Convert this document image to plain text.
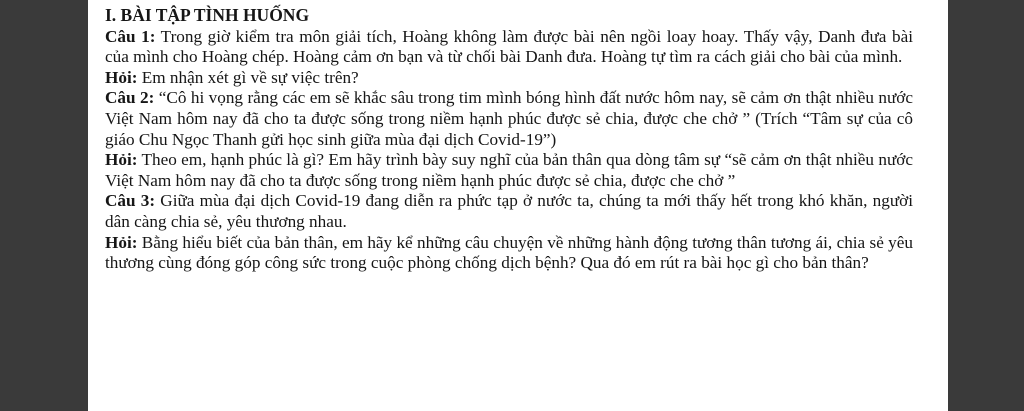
I. BÀI TẬP TÌNH HUỐNG

Câu 1: Trong giờ kiểm tra môn giải tích, Hoàng không làm được bài nên ngồi loay hoay. Thấy vậy, Danh đưa bài của mình cho Hoàng chép. Hoàng cảm ơn bạn và từ chối bài Danh đưa. Hoàng tự tìm ra cách giải cho bài của mình.

Hỏi: Em nhận xét gì về sự việc trên?

Câu 2: “Cô hi vọng rằng các em sẽ khắc sâu trong tim mình bóng hình đất nước hôm nay, sẽ cảm ơn thật nhiều nước Việt Nam hôm nay đã cho ta được sống trong niềm hạnh phúc được sẻ chia, được che chở ” (Trích “Tâm sự của cô giáo Chu Ngọc Thanh gửi học sinh giữa mùa đại dịch Covid-19”)

Hỏi: Theo em, hạnh phúc là gì? Em hãy trình bày suy nghĩ của bản thân qua dòng tâm sự “sẽ cảm ơn thật nhiều nước Việt Nam hôm nay đã cho ta được sống trong niềm hạnh phúc được sẻ chia, được che chở ”

Câu 3: Giữa mùa đại dịch Covid-19 đang diễn ra phức tạp ở nước ta, chúng ta mới thấy hết trong khó khăn, người dân càng chia sẻ, yêu thương nhau.

Hỏi: Bằng hiểu biết của bản thân, em hãy kể những câu chuyện về những hành động tương thân tương ái, chia sẻ yêu thương cùng đóng góp công sức trong cuộc phòng chống dịch bệnh? Qua đó em rút ra bài học gì cho bản thân?
